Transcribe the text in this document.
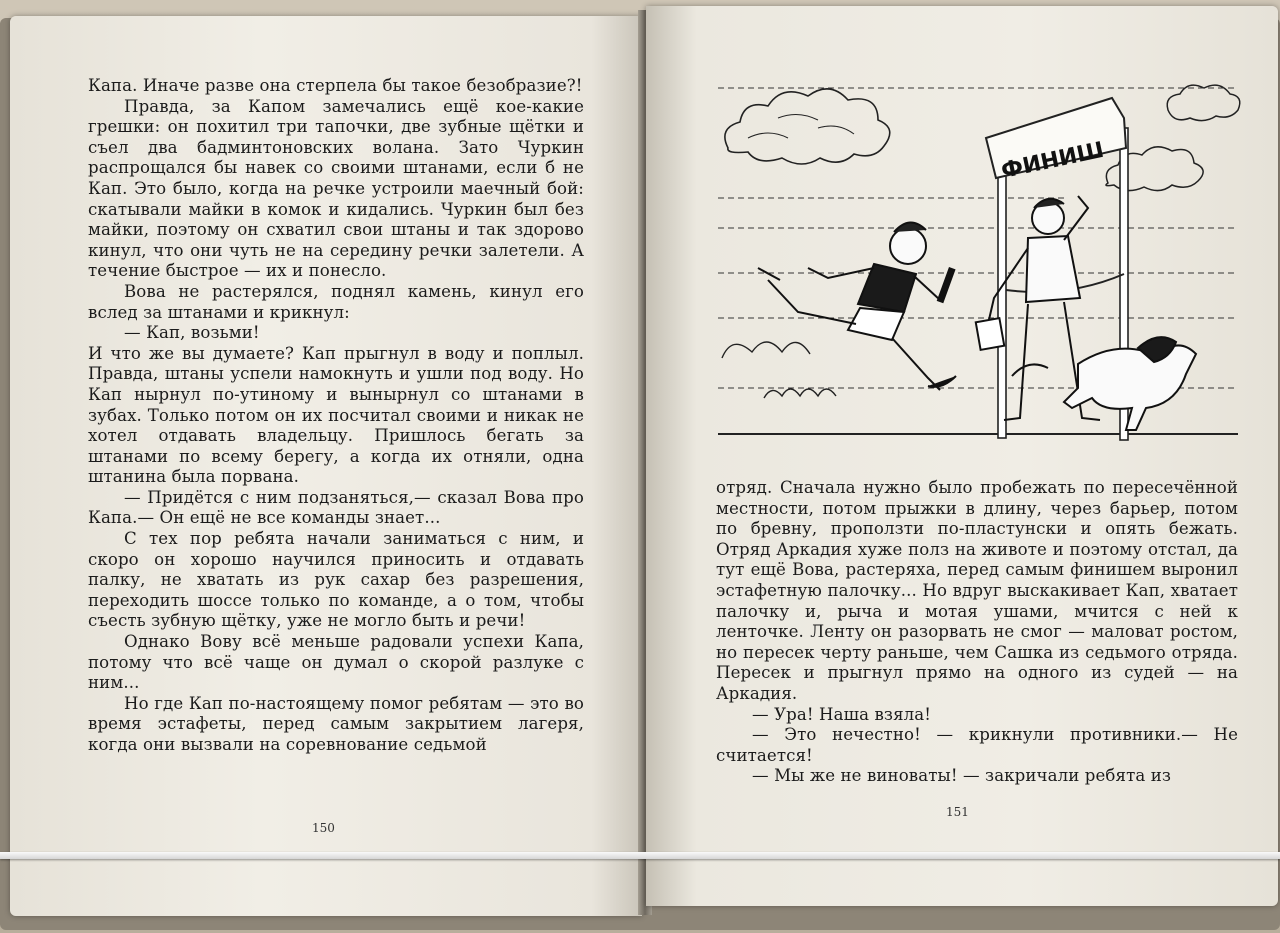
Капа. Иначе разве она стерпела бы такое безобразие?!

Правда, за Капом замечались ещё кое-какие грешки: он похитил три тапочки, две зубные щётки и съел два бадминтоновских волана. Зато Чуркин распрощался бы навек со своими штанами, если б не Кап. Это было, когда на речке устроили маечный бой: скатывали майки в комок и кидались. Чуркин был без майки, поэтому он схватил свои штаны и так здорово кинул, что они чуть не на середину речки залетели. А течение быстрое — их и понесло.

Вова не растерялся, поднял камень, кинул его вслед за штанами и крикнул:

— Кап, возьми!

И что же вы думаете? Кап прыгнул в воду и поплыл. Правда, штаны успели намокнуть и ушли под воду. Но Кап нырнул по-утиному и вынырнул со штанами в зубах. Только потом он их посчитал своими и никак не хотел отдавать владельцу. Пришлось бегать за штанами по всему берегу, а когда их отняли, одна штанина была порвана.

— Придётся с ним подзаняться,— сказал Вова про Капа.— Он ещё не все команды знает...

С тех пор ребята начали заниматься с ним, и скоро он хорошо научился приносить и отдавать палку, не хватать из рук сахар без разрешения, переходить шоссе только по команде, а о том, чтобы съесть зубную щётку, уже не могло быть и речи!

Однако Вову всё меньше радовали успехи Капа, потому что всё чаще он думал о скорой разлуке с ним...

Но где Кап по-настоящему помог ребятам — это во время эстафеты, перед самым закрытием лагеря, когда они вызвали на соревнование седьмой

150
ФИНИШ

отряд. Сначала нужно было пробежать по пересечённой местности, потом прыжки в длину, через барьер, потом по бревну, проползти по-пластунски и опять бежать. Отряд Аркадия хуже полз на животе и поэтому отстал, да тут ещё Вова, растеряха, перед самым финишем выронил эстафетную палочку... Но вдруг выскакивает Кап, хватает палочку и, рыча и мотая ушами, мчится с ней к ленточке. Ленту он разорвать не смог — маловат ростом, но пересек черту раньше, чем Сашка из седьмого отряда. Пересек и прыгнул прямо на одного из судей — на Аркадия.

— Ура! Наша взяла!

— Это нечестно! — крикнули противники.— Не считается!

— Мы же не виноваты! — закричали ребята из

151
